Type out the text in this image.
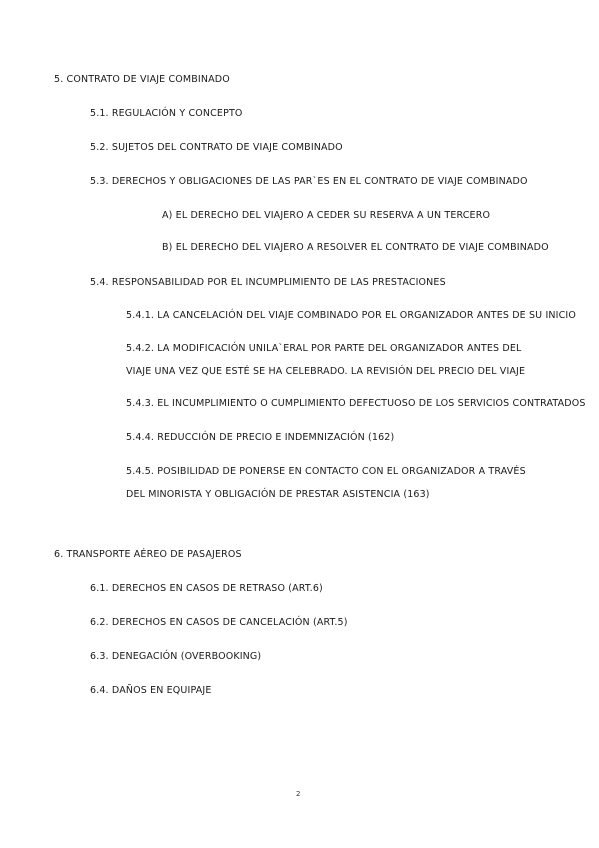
5. CONTRATO DE VIAJE COMBINADO
5.1. REGULACIÓN Y CONCEPTO
5.2. SUJETOS DEL CONTRATO DE VIAJE COMBINADO
5.3. DERECHOS Y OBLIGACIONES DE LAS PAR`ES EN EL CONTRATO DE VIAJE COMBINADO
A) EL DERECHO DEL VIAJERO A CEDER SU RESERVA A UN TERCERO
B) EL DERECHO DEL VIAJERO A RESOLVER EL CONTRATO DE VIAJE COMBINADO
5.4. RESPONSABILIDAD POR EL INCUMPLIMIENTO DE LAS PRESTACIONES
5.4.1. LA CANCELACIÓN DEL VIAJE COMBINADO POR EL ORGANIZADOR ANTES DE SU INICIO
5.4.2. LA MODIFICACIÓN UNILA`ERAL POR PARTE DEL ORGANIZADOR ANTES DEL VIAJE UNA VEZ QUE ESTÉ SE HA CELEBRADO. LA REVISIÓN DEL PRECIO DEL VIAJE
5.4.3. EL INCUMPLIMIENTO O CUMPLIMIENTO DEFECTUOSO DE LOS SERVICIOS CONTRATADOS
5.4.4. REDUCCIÓN DE PRECIO E INDEMNIZACIÓN (162)
5.4.5. POSIBILIDAD DE PONERSE EN CONTACTO CON EL ORGANIZADOR A TRAVÉS DEL MINORISTA Y OBLIGACIÓN DE PRESTAR ASISTENCIA (163)
6. TRANSPORTE AÉREO DE PASAJEROS
6.1. DERECHOS EN CASOS DE RETRASO (ART.6)
6.2. DERECHOS EN CASOS DE CANCELACIÓN (ART.5)
6.3. DENEGACIÓN (OVERBOOKING)
6.4. DAÑOS EN EQUIPAJE
2
